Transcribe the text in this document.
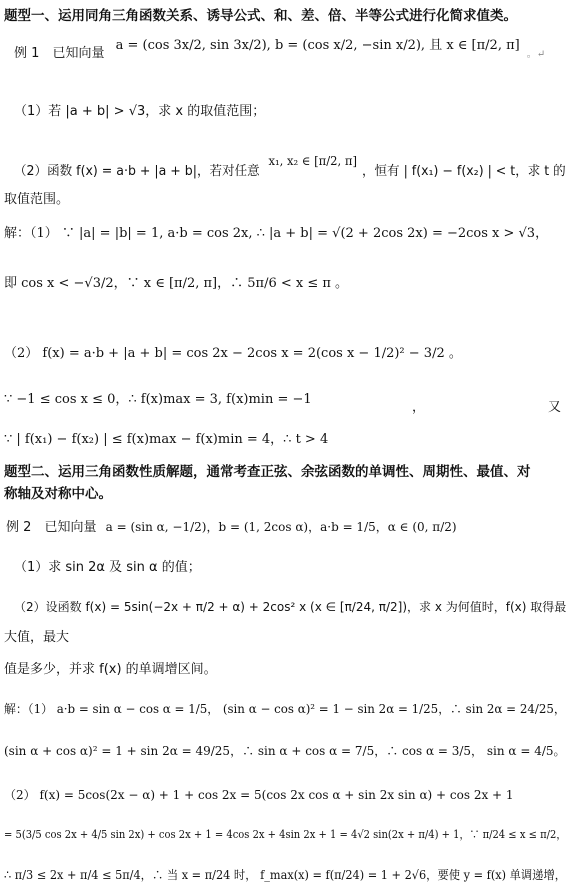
题型一、运用同角三角函数关系、诱导公式、和、差、倍、半等公式进行化简求值类。
例 1 已知向量 $^{a = (cos 3x/2, sin 3x/2), b = (cos x/2, -sin x/2), 且 x \in [\pi/2, \pi]}$ 。↵
（1）若 |a + b| > √3，求 x 的取值范围；
（2）函数 f(x) = a·b + |a + b|，若对任意 $^{x_1, x_2 \in [\pi/2, \pi]}$ ，恒有 | f(x₁) − f(x₂) | < t，求 t 的
取值范围。
解：（1） ∵ |a| = |b| = 1, a·b = cos 2x, ∴ |a + b| = √(2 + 2cos 2x) = −2cos x > √3，
即 cos x < −√3/2，∵ x ∈ [π/2, π]，∴ 5π/6 < x ≤ π 。
（2） f(x) = a·b + |a + b| = cos 2x − 2cos x = 2(cos x − 1/2)² − 3/2 。
∵ −1 ≤ cos x ≤ 0，∴ f(x)max = 3, f(x)min = −1
，	又
∵ | f(x₁) − f(x₂) | ≤ f(x)max − f(x)min = 4，∴ t > 4
题型二、运用三角函数性质解题，通常考查正弦、余弦函数的单调性、周期性、最值、对
称轴及对称中心。
例 2 已知向量 a = (sin α, −1/2)，b = (1, 2cos α)，a·b = 1/5，α ∈ (0, π/2)
（1）求 sin 2α 及 sin α 的值；
（2）设函数 f(x) = 5sin(−2x + π/2 + α) + 2cos² x (x ∈ [π/24, π/2])，求 x 为何值时，f(x) 取得最
大值，最大
值是多少，并求 f(x) 的单调增区间。
解：（1） a·b = sin α − cos α = 1/5， (sin α − cos α)² = 1 − sin 2α = 1/25，∴ sin 2α = 24/25，
(sin α + cos α)² = 1 + sin 2α = 49/25，∴ sin α + cos α = 7/5，∴ cos α = 3/5， sin α = 4/5。
（2） f(x) = 5cos(2x − α) + 1 + cos 2x = 5(cos 2x cos α + sin 2x sin α) + cos 2x + 1
= 5(3/5 cos 2x + 4/5 sin 2x) + cos 2x + 1 = 4cos 2x + 4sin 2x + 1 = 4√2 sin(2x + π/4) + 1，∵ π/24 ≤ x ≤ π/2，
∴ π/3 ≤ 2x + π/4 ≤ 5π/4，∴ 当 x = π/24 时， f_max(x) = f(π/24) = 1 + 2√6，要使 y = f(x) 单调递增，
